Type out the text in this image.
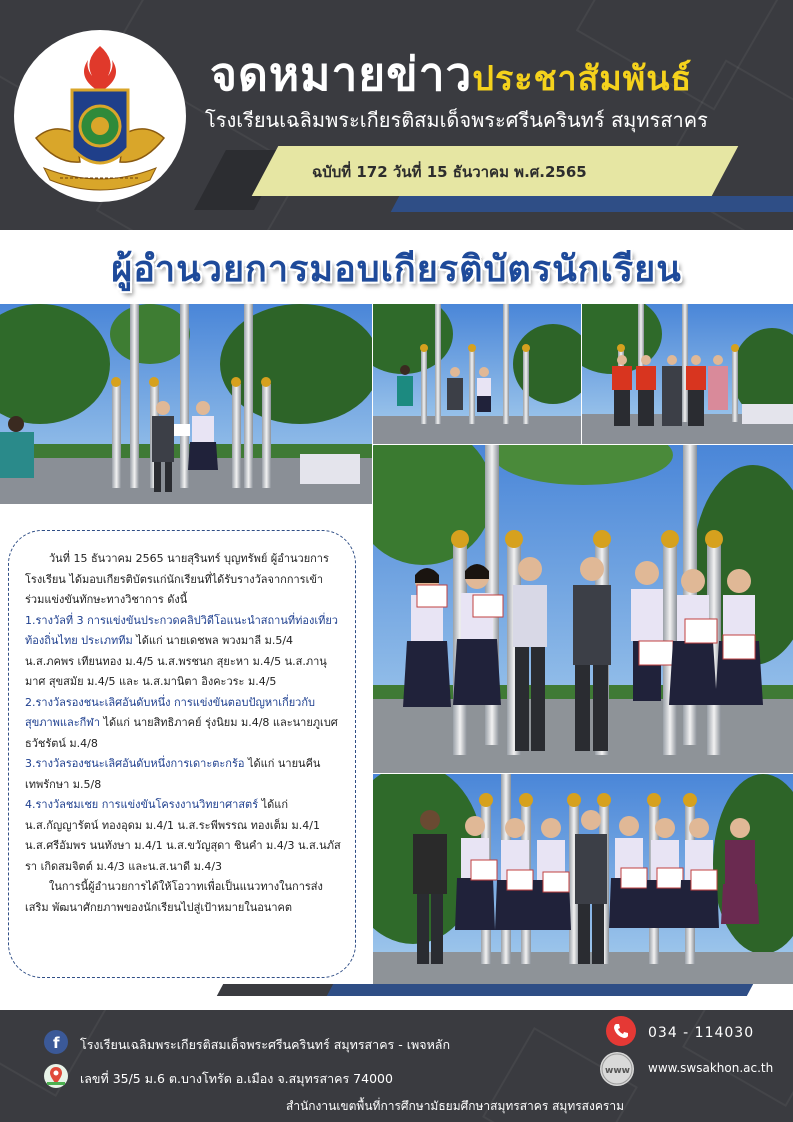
จดหมายข่าวประชาสัมพันธ์
โรงเรียนเฉลิมพระเกียรติสมเด็จพระศรีนครินทร์ สมุทรสาคร
ฉบับที่ 172 วันที่ 15 ธันวาคม พ.ศ.2565
ผู้อำนวยการมอบเกียรติบัตรนักเรียน

วันที่ 15 ธันวาคม 2565 นายสุรินทร์ บุญทรัพย์ ผู้อำนวยการโรงเรียน ได้มอบเกียรติบัตรแก่นักเรียนที่ได้รับรางวัลจากการเข้าร่วมแข่งขันทักษะทางวิชาการ ดังนี้
1.รางวัลที่ 3 การแข่งขันประกวดคลิปวิดีโอแนะนำสถานที่ท่องเที่ยวท้องถิ่นไทย ประเภททีม ได้แก่ นายเดชพล พวงมาลี ม.5/4 น.ส.ภคพร เทียนทอง ม.4/5 น.ส.พรชนก สุยะหา ม.4/5 น.ส.ภานุมาศ สุขสมัย ม.4/5 และ น.ส.มานิตา อิงคะวระ ม.4/5
2.รางวัลรองชนะเลิศอันดับหนึ่ง การแข่งขันตอบปัญหาเกี่ยวกับสุขภาพและกีฬา ได้แก่ นายสิทธิภาคย์ รุ่งนิยม ม.4/8 และนายภูเบศ ธวัชรัตน์ ม.4/8
3.รางวัลรองชนะเลิศอันดับหนึ่งการเดาะตะกร้อ ได้แก่ นายนคีน เทพรักษา ม.5/8
4.รางวัลชมเชย การแข่งขันโครงงานวิทยาศาสตร์ ได้แก่ น.ส.กัญญารัตน์ ทองอุดม ม.4/1 น.ส.ระพีพรรณ ทองเต็ม ม.4/1 น.ส.ศรีอัมพร นนทังษา ม.4/1 น.ส.ขวัญสุดา ชินคำ ม.4/3 น.ส.นภัสรา เกิดสมจิตต์ ม.4/3 และน.ส.นาดี ม.4/3
ในการนี้ผู้อำนวยการได้ให้โอวาทเพื่อเป็นแนวทางในการส่งเสริม พัฒนาศักยภาพของนักเรียนไปสู่เป้าหมายในอนาคต

f โรงเรียนเฉลิมพระเกียรติสมเด็จพระศรีนครินทร์ สมุทรสาคร - เพจหลัก
เลขที่ 35/5 ม.6 ต.บางโทรัด อ.เมือง จ.สมุทรสาคร 74000
034 - 114030
www www.swsakhon.ac.th
สำนักงานเขตพื้นที่การศึกษามัธยมศึกษาสมุทรสาคร สมุทรสงคราม
